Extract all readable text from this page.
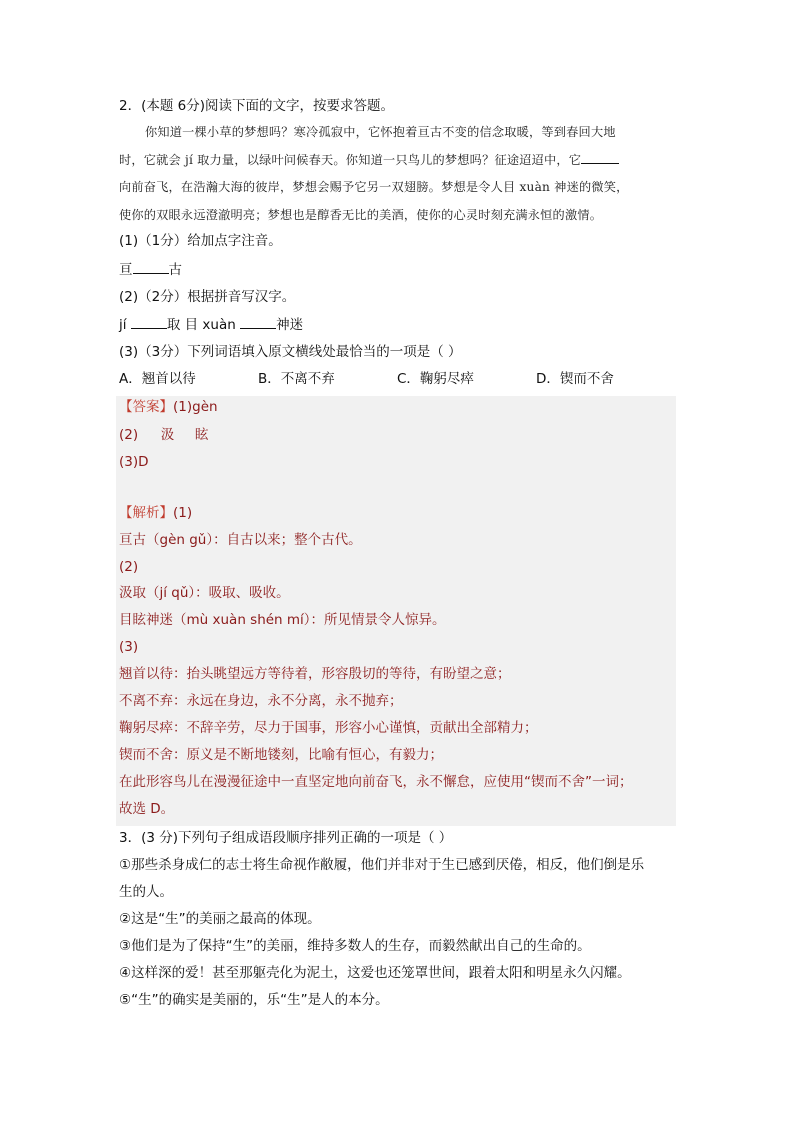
2．(本题 6分)阅读下面的文字，按要求答题。
你知道一棵小草的梦想吗？寒冷孤寂中，它怀抱着亘古不变的信念取暖，等到春回大地
时，它就会 jí 取力量，以绿叶问候春天。你知道一只鸟儿的梦想吗？征途迢迢中，它
向前奋飞，在浩瀚大海的彼岸，梦想会赐予它另一双翅膀。梦想是令人目 xuàn 神迷的微笑，
使你的双眼永远澄澈明亮；梦想也是醇香无比的美酒，使你的心灵时刻充满永恒的激情。
(1)（1分）给加点字注音。
亘	古
(2)（2分）根据拼音写汉字。
jí	取 目 xuàn	神迷
(3)（3分）下列词语填入原文横线处最恰当的一项是（ ）
A．翘首以待	B．不离不弃	C．鞠躬尽瘁	D．锲而不舍
【答案】(1)gèn
(2) 汲 眩
(3)D
【解析】(1)
亘古（gèn gǔ）：自古以来；整个古代。
(2)
汲取（jí qǔ）：吸取、吸收。
目眩神迷（mù xuàn shén mí）：所见情景令人惊异。
(3)
翘首以待：抬头眺望远方等待着，形容殷切的等待，有盼望之意；
不离不弃：永远在身边，永不分离，永不抛弃；
鞠躬尽瘁：不辞辛劳，尽力于国事，形容小心谨慎，贡献出全部精力；
锲而不舍：原义是不断地镂刻，比喻有恒心，有毅力；
在此形容鸟儿在漫漫征途中一直坚定地向前奋飞，永不懈怠，应使用“锲而不舍”一词；
故选 D。
3．(3 分)下列句子组成语段顺序排列正确的一项是（ ）
①那些杀身成仁的志士将生命视作敝履，他们并非对于生已感到厌倦，相反，他们倒是乐
生的人。
②这是“生”的美丽之最高的体现。
③他们是为了保持“生”的美丽，维持多数人的生存，而毅然献出自己的生命的。
④这样深的爱！甚至那躯壳化为泥土，这爱也还笼罩世间，跟着太阳和明星永久闪耀。
⑤“生”的确实是美丽的，乐“生”是人的本分。
